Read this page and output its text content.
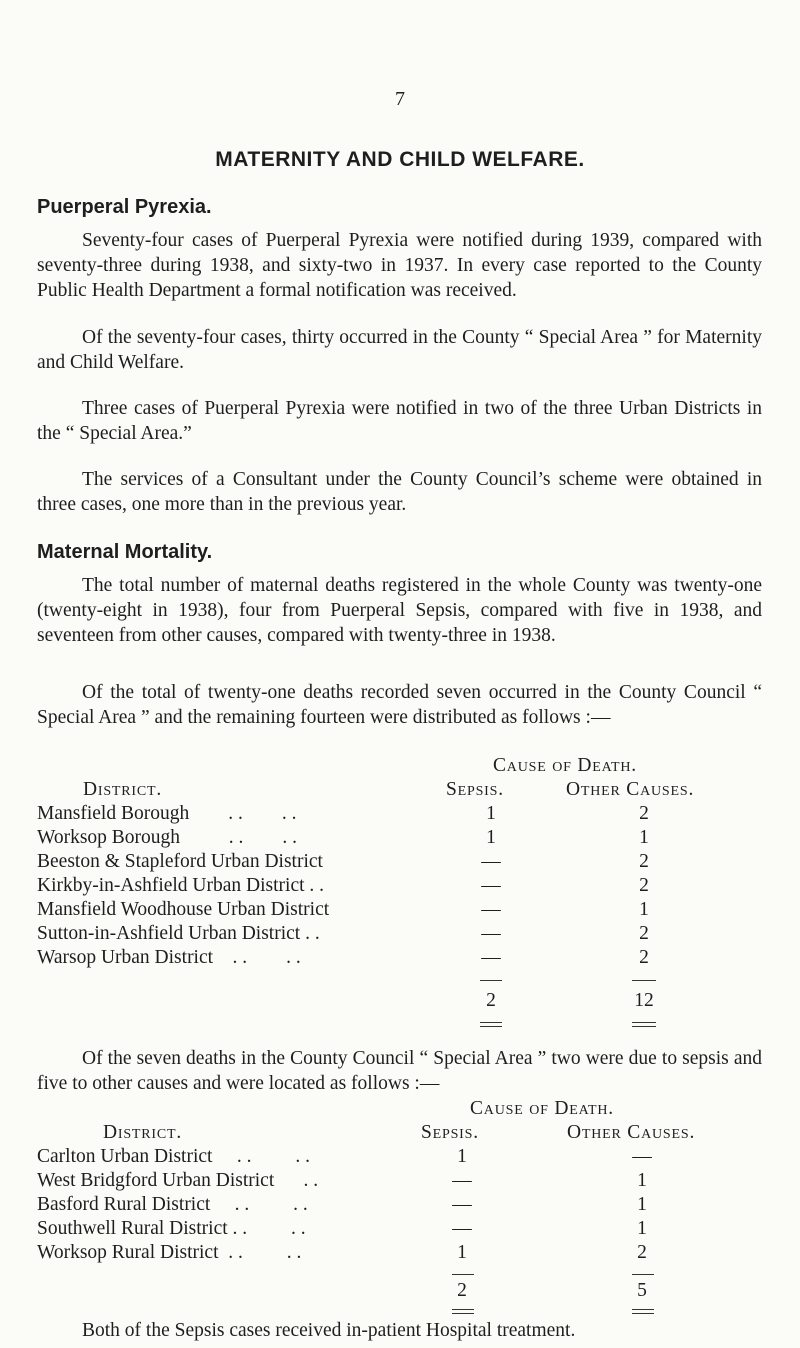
7
MATERNITY AND CHILD WELFARE.
Puerperal Pyrexia.

Seventy-four cases of Puerperal Pyrexia were notified during 1939, compared with seventy-three during 1938, and sixty-two in 1937. In every case reported to the County Public Health Department a formal notification was received.

Of the seventy-four cases, thirty occurred in the County “ Special Area ” for Maternity and Child Welfare.

Three cases of Puerperal Pyrexia were notified in two of the three Urban Districts in the “ Special Area.”

The services of a Consultant under the County Council’s scheme were obtained in three cases, one more than in the previous year.

Maternal Mortality.

The total number of maternal deaths registered in the whole County was twenty-one (twenty-eight in 1938), four from Puerperal Sepsis, compared with five in 1938, and seventeen from other causes, compared with twenty-three in 1938.

Of the total of twenty-one deaths recorded seven occurred in the County Council “ Special Area ” and the remaining fourteen were distributed as follows :—

Cause of Death.
District.	Sepsis.	Other Causes.
Mansfield Borough        . .        . .	1	2
Worksop Borough          . .        . .	1	1
Beeston & Stapleford Urban District	—	2
Kirkby-in-Ashfield Urban District . .	—	2
Mansfield Woodhouse Urban District	—	1
Sutton-in-Ashfield Urban District . .	—	2
Warsop Urban District    . .        . .	—	2
2	12

Of the seven deaths in the County Council “ Special Area ” two were due to sepsis and five to other causes and were located as follows :—

Cause of Death.
District.	Sepsis.	Other Causes.
Carlton Urban District     . .         . .	1	—
West Bridgford Urban District      . .	—	1
Basford Rural District     . .         . .	—	1
Southwell Rural District . .         . .	—	1
Worksop Rural District  . .         . .	1	2
2	5

Both of the Sepsis cases received in-patient Hospital treatment.
